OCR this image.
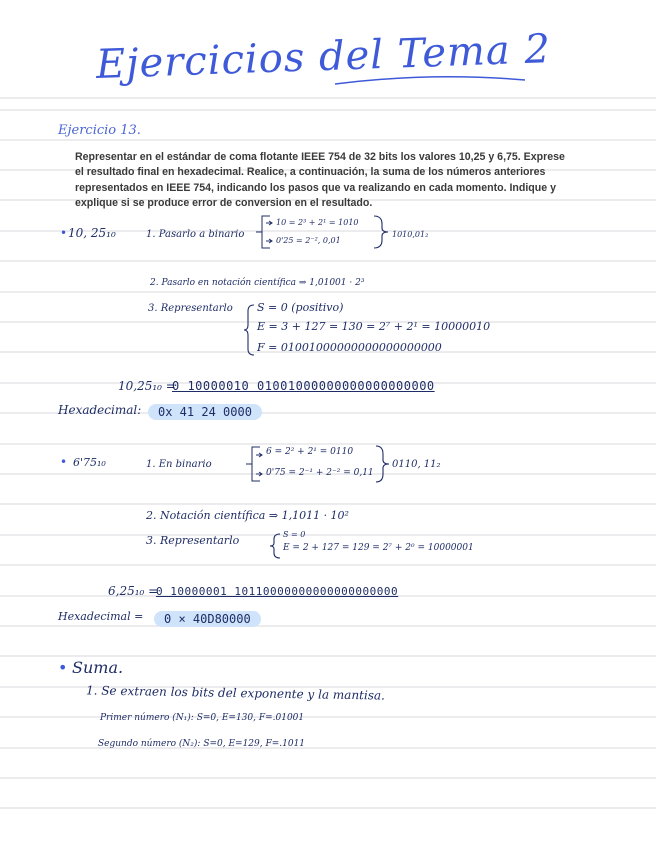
Ejercicios del Tema 2
Ejercicio 13.
Representar en el estándar de coma flotante IEEE 754 de 32 bits los valores 10,25 y 6,75. Exprese el resultado final en hexadecimal. Realice, a continuación, la suma de los números anteriores representados en IEEE 754, indicando los pasos que va realizando en cada momento. Indique y explique si se produce error de conversion en el resultado.
• 10, 25₁₀	1. Pasarlo a binario
10 = 2³ + 2¹ = 1010
0'25 = 2⁻², 0,01
1010,01₂
2. Pasarlo en notación científica ⇒ 1,01001 · 2³
3. Representarlo S = 0 (positivo)
E = 3 + 127 = 130 = 2⁷ + 2¹ = 10000010
F = 01001000000000000000000
10,25₁₀ =
0 10000010 01001000000000000000000
Hexadecimal:	0x 41 24 0000
• 6'75₁₀	1. En binario
6 = 2² + 2¹ = 0110
0'75 = 2⁻¹ + 2⁻² = 0,11
0110, 11₂
2. Notación científica ⇒ 1,1011 · 10²
3. Representarlo	S = 0
E = 2 + 127 = 129 = 2⁷ + 2⁰ = 10000001
6,25₁₀ =
0 10000001 10110000000000000000000
Hexadecimal =	0 × 40D80000
• Suma.
1. Se extraen los bits del exponente y la mantisa.
Primer número (N₁): S=0, E=130, F=.01001
Segundo número (N₂): S=0, E=129, F=.1011
